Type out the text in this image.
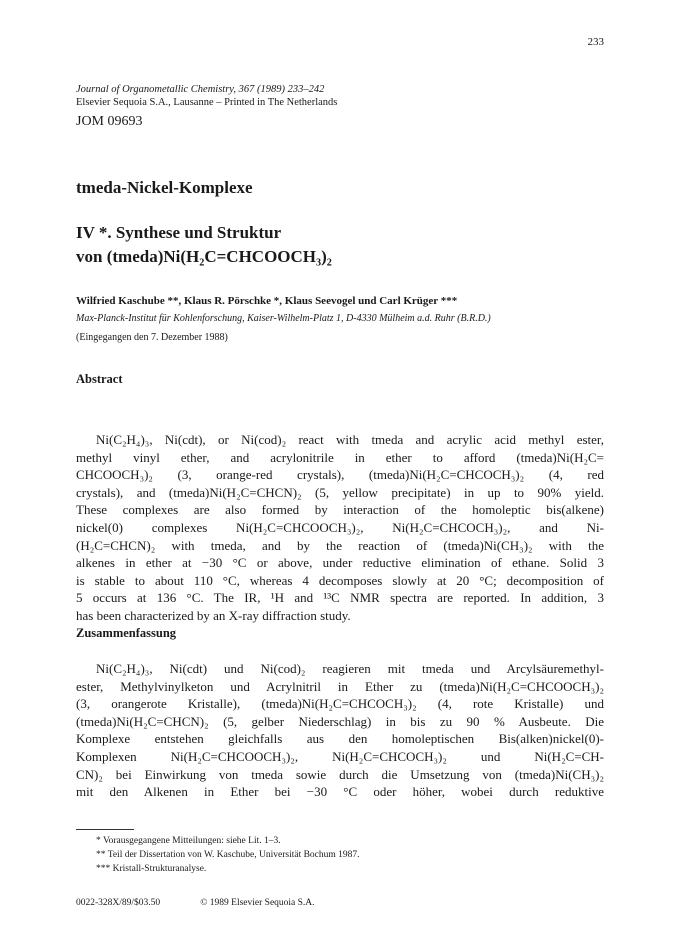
233
Journal of Organometallic Chemistry, 367 (1989) 233–242
Elsevier Sequoia S.A., Lausanne – Printed in The Netherlands
JOM 09693
tmeda-Nickel-Komplexe
IV *. Synthese und Struktur
von (tmeda)Ni(H₂C=CHCOOCH₃)₂
Wilfried Kaschube **, Klaus R. Pörschke *, Klaus Seevogel und Carl Krüger ***
Max-Planck-Institut für Kohlenforschung, Kaiser-Wilhelm-Platz 1, D-4330 Mülheim a.d. Ruhr (B.R.D.)
(Eingegangen den 7. Dezember 1988)
Abstract
Ni(C₂H₄)₃, Ni(cdt), or Ni(cod)₂ react with tmeda and acrylic acid methyl ester,
methyl vinyl ether, and acrylonitrile in ether to afford (tmeda)Ni(H₂C=
CHCOOCH₃)₂ (3, orange-red crystals), (tmeda)Ni(H₂C=CHCOCH₃)₂ (4, red
crystals), and (tmeda)Ni(H₂C=CHCN)₂ (5, yellow precipitate) in up to 90% yield.
These complexes are also formed by interaction of the homoleptic bis(alkene)
nickel(0) complexes Ni(H₂C=CHCOOCH₃)₂, Ni(H₂C=CHCOCH₃)₂, and Ni-
(H₂C=CHCN)₂ with tmeda, and by the reaction of (tmeda)Ni(CH₃)₂ with the
alkenes in ether at −30 °C or above, under reductive elimination of ethane. Solid 3
is stable to about 110 °C, whereas 4 decomposes slowly at 20 °C; decomposition of
5 occurs at 136 °C. The IR, ¹H and ¹³C NMR spectra are reported. In addition, 3
has been characterized by an X-ray diffraction study.
Zusammenfassung
Ni(C₂H₄)₃, Ni(cdt) und Ni(cod)₂ reagieren mit tmeda und Arcylsäuremethyl-
ester, Methylvinylketon und Acrylnitril in Ether zu (tmeda)Ni(H₂C=CHCOOCH₃)₂
(3, orangerote Kristalle), (tmeda)Ni(H₂C=CHCOCH₃)₂ (4, rote Kristalle) und
(tmeda)Ni(H₂C=CHCN)₂ (5, gelber Niederschlag) in bis zu 90 % Ausbeute. Die
Komplexe entstehen gleichfalls aus den homoleptischen Bis(alken)nickel(0)-
Komplexen Ni(H₂C=CHCOOCH₃)₂, Ni(H₂C=CHCOCH₃)₂ und Ni(H₂C=CH-
CN)₂ bei Einwirkung von tmeda sowie durch die Umsetzung von (tmeda)Ni(CH₃)₂
mit den Alkenen in Ether bei −30 °C oder höher, wobei durch reduktive
* Vorausgegangene Mitteilungen: siehe Lit. 1–3.
** Teil der Dissertation von W. Kaschube, Universität Bochum 1987.
*** Kristall-Strukturanalyse.
0022-328X/89/$03.50	© 1989 Elsevier Sequoia S.A.
